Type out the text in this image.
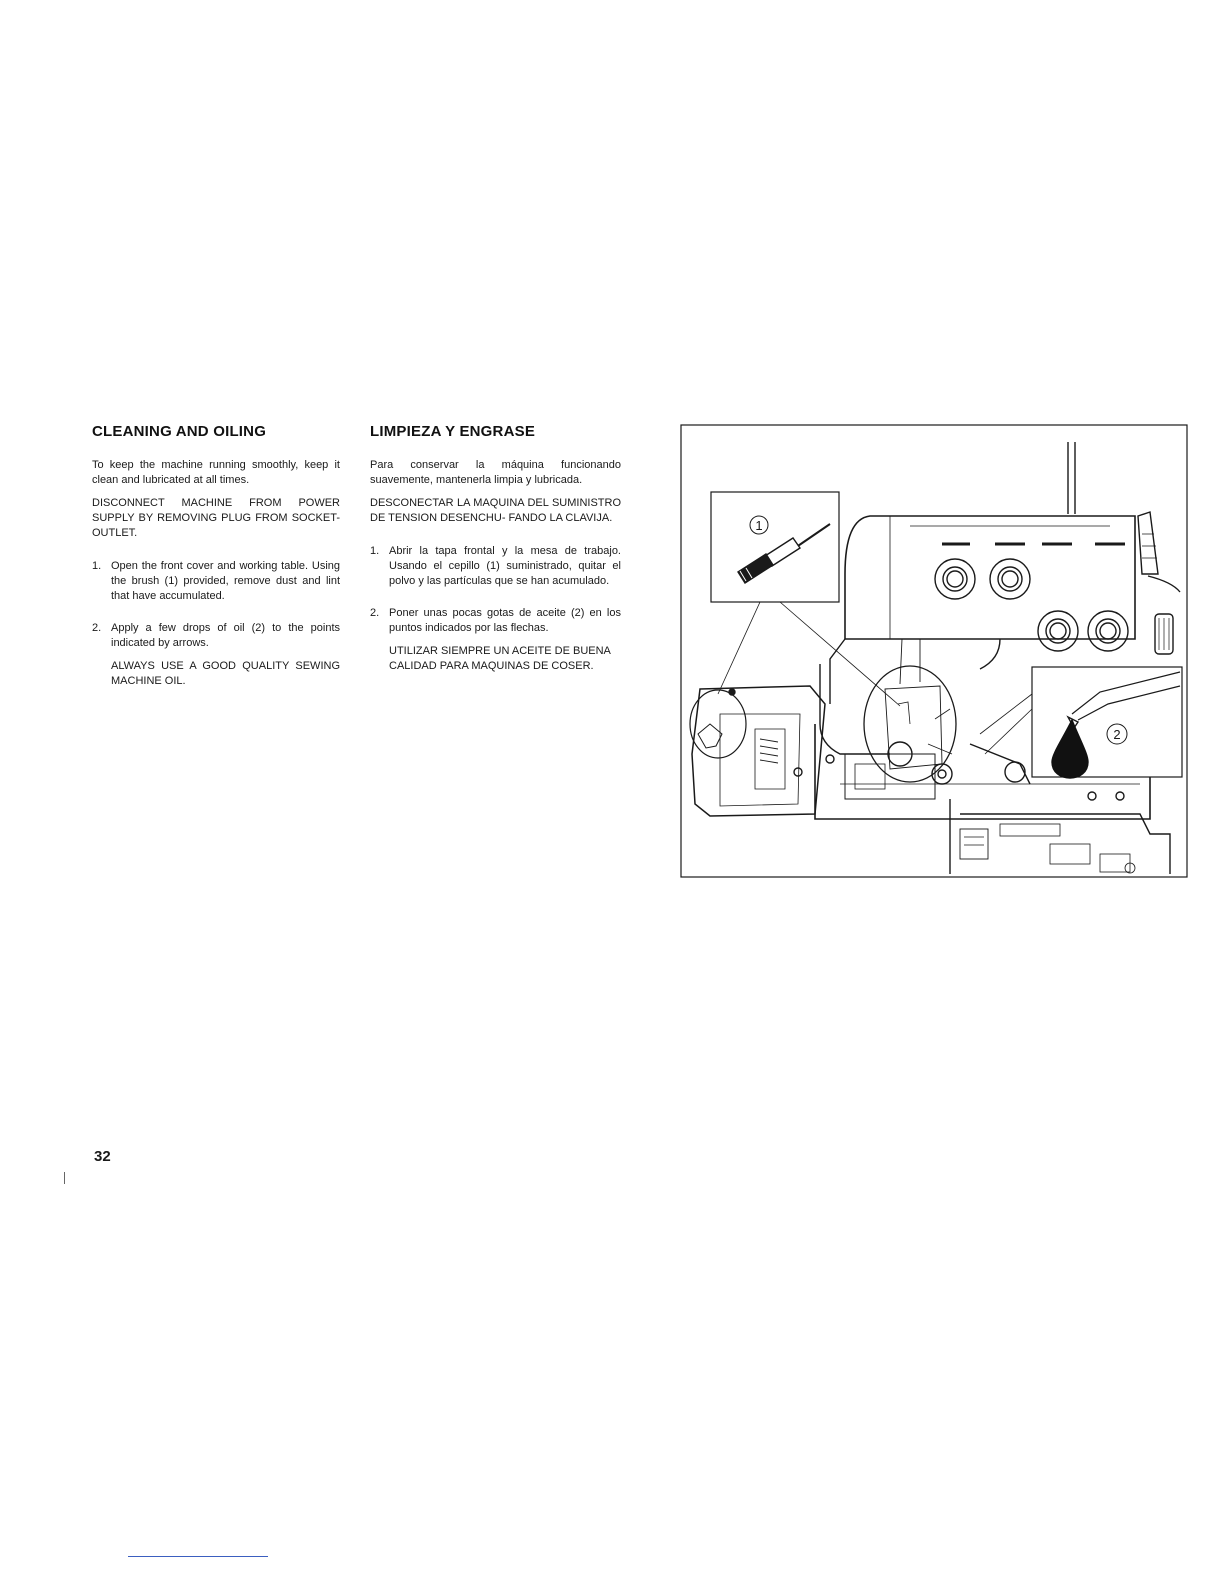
CLEANING AND OILING

To keep the machine running smoothly, keep it clean and lubricated at all times.

DISCONNECT MACHINE FROM POWER SUPPLY BY REMOVING PLUG FROM SOCKET-OUTLET.

1. Open the front cover and working table. Using the brush (1) provided, remove dust and lint that have accumulated.

2. Apply a few drops of oil (2) to the points indicated by arrows.

ALWAYS USE A GOOD QUALITY SEWING MACHINE OIL.

LIMPIEZA Y ENGRASE

Para conservar la máquina funcionando suavemente, mantenerla limpia y lubricada.

DESCONECTAR LA MAQUINA DEL SUMINISTRO DE TENSION DESENCHU- FANDO LA CLAVIJA.

1. Abrir la tapa frontal y la mesa de trabajo. Usando el cepillo (1) suministrado, quitar el polvo y las partículas que se han acumulado.

2. Poner unas pocas gotas de aceite (2) en los puntos indicados por las flechas.

UTILIZAR SIEMPRE UN ACEITE DE BUENA CALIDAD PARA MAQUINAS DE COSER.

1
2
32
